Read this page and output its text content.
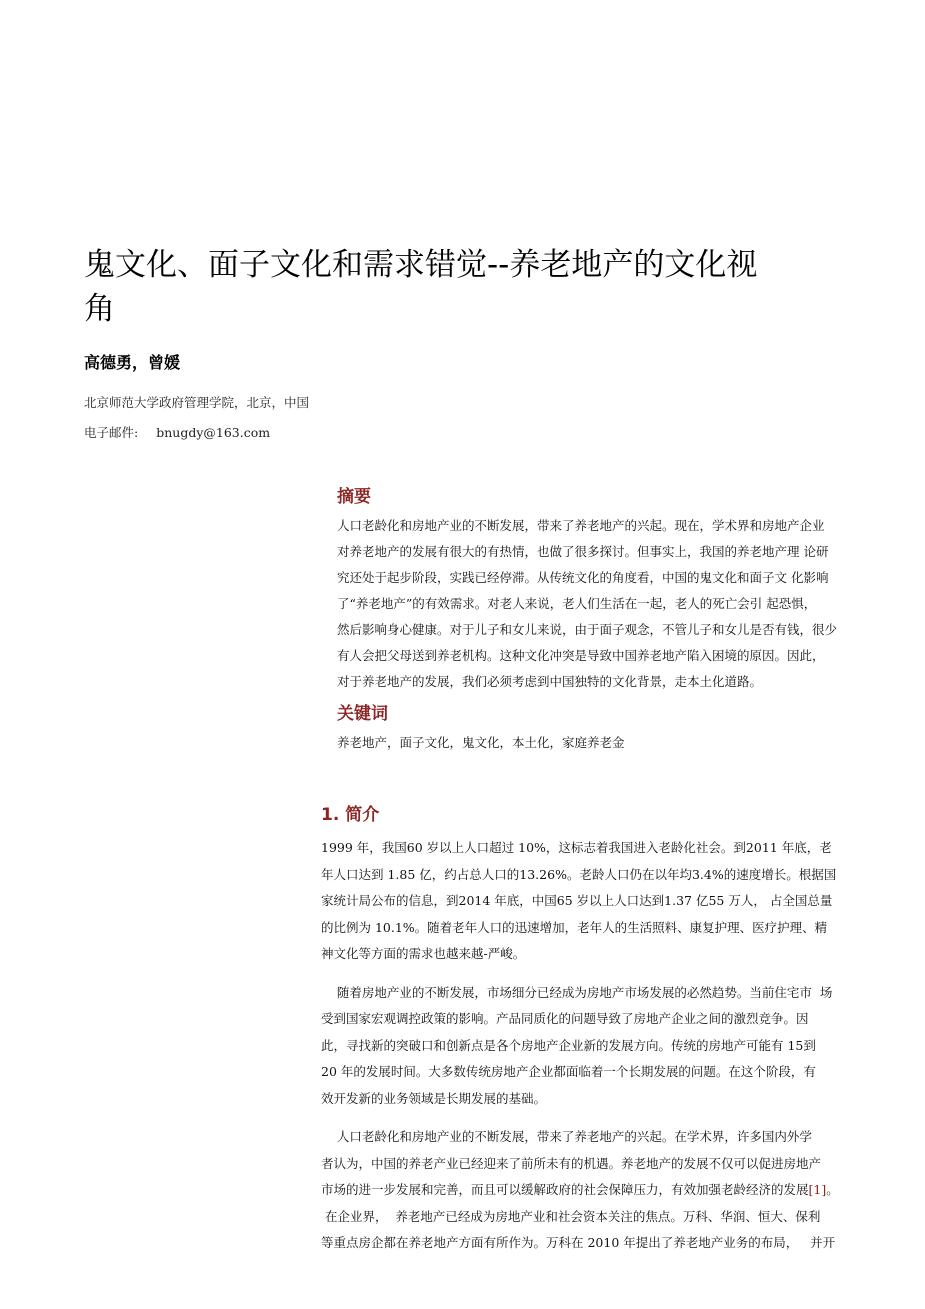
鬼文化、面子文化和需求错觉--养老地产的文化视
角
高德勇，曾媛
北京师范大学政府管理学院，北京，中国
电子邮件: bnugdy@163.com
摘要

人口老龄化和房地产业的不断发展，带来了养老地产的兴起。现在，学术界和房地产企业

对养老地产的发展有很大的有热情，也做了很多探讨。但事实上，我国的养老地产理 论研

究还处于起步阶段，实践已经停滞。从传统文化的角度看，中国的鬼文化和面子文 化影响

了“养老地产”的有效需求。对老人来说，老人们生活在一起，老人的死亡会引 起恐惧，

然后影响身心健康。对于儿子和女儿来说，由于面子观念，不管儿子和女儿是否有钱，很少

有人会把父母送到养老机构。这种文化冲突是导致中国养老地产陷入困境的原因。因此，

对于养老地产的发展，我们必须考虑到中国独特的文化背景，走本土化道路。

关键词
养老地产，面子文化，鬼文化，本土化，家庭养老金
1. 简介

1999 年，我国60 岁以上人口超过 10%，这标志着我国进入老龄化社会。到2011 年底，老

年人口达到 1.85 亿，约占总人口的13.26%。老龄人口仍在以年均3.4%的速度增长。根据国

家统计局公布的信息，到2014 年底，中国65 岁以上人口达到1.37 亿55 万人， 占全国总量

的比例为 10.1%。随着老年人口的迅速增加，老年人的生活照料、康复护理、医疗护理、精

神文化等方面的需求也越来越-严峻。

随着房地产业的不断发展，市场细分已经成为房地产市场发展的必然趋势。当前住宅市  场

受到国家宏观调控政策的影响。产品同质化的问题导致了房地产企业之间的激烈竞争。因

此，寻找新的突破口和创新点是各个房地产企业新的发展方向。传统的房地产可能有 15到

20 年的发展时间。大多数传统房地产企业都面临着一个长期发展的问题。在这个阶段，有

效开发新的业务领域是长期发展的基础。

人口老龄化和房地产业的不断发展，带来了养老地产的兴起。在学术界，许多国内外学

者认为，中国的养老产业已经迎来了前所未有的机遇。养老地产的发展不仅可以促进房地产

市场的进一步发展和完善，而且可以缓解政府的社会保障压力，有效加强老龄经济的发展[1]。

在企业界，  养老地产已经成为房地产业和社会资本关注的焦点。万科、华润、恒大、保利

等重点房企都在养老地产方面有所作为。万科在 2010 年提出了养老地产业务的布局，   并开
